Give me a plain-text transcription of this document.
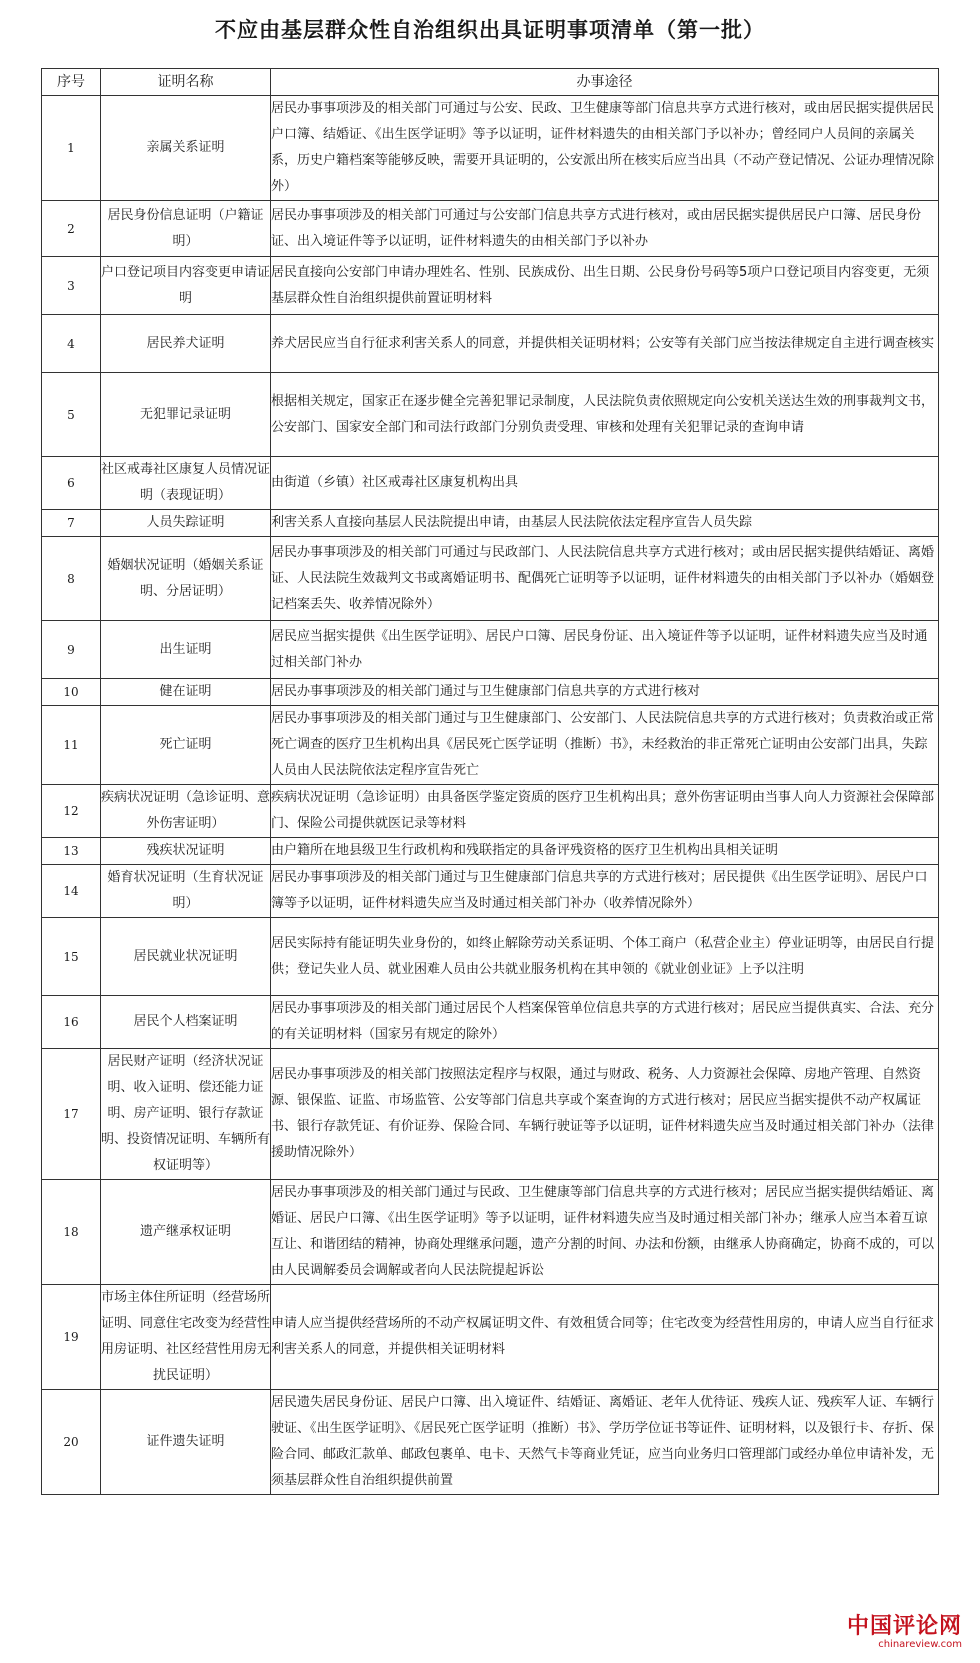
不应由基层群众性自治组织出具证明事项清单（第一批）
序号	证明名称	办事途径
1	亲属关系证明	居民办事事项涉及的相关部门可通过与公安、民政、卫生健康等部门信息共享方式进行核对，或由居民据实提供居民户口簿、结婚证、《出生医学证明》等予以证明，证件材料遗失的由相关部门予以补办；曾经同户人员间的亲属关系，历史户籍档案等能够反映，需要开具证明的，公安派出所在核实后应当出具（不动产登记情况、公证办理情况除外）
2	居民身份信息证明（户籍证明）	居民办事事项涉及的相关部门可通过与公安部门信息共享方式进行核对，或由居民据实提供居民户口簿、居民身份证、出入境证件等予以证明，证件材料遗失的由相关部门予以补办
3	户口登记项目内容变更申请证明	居民直接向公安部门申请办理姓名、性别、民族成份、出生日期、公民身份号码等5项户口登记项目内容变更，无须基层群众性自治组织提供前置证明材料
4	居民养犬证明	养犬居民应当自行征求利害关系人的同意，并提供相关证明材料；公安等有关部门应当按法律规定自主进行调查核实
5	无犯罪记录证明	根据相关规定，国家正在逐步健全完善犯罪记录制度，人民法院负责依照规定向公安机关送达生效的刑事裁判文书，公安部门、国家安全部门和司法行政部门分别负责受理、审核和处理有关犯罪记录的查询申请
6	社区戒毒社区康复人员情况证明（表现证明）	由街道（乡镇）社区戒毒社区康复机构出具
7	人员失踪证明	利害关系人直接向基层人民法院提出申请，由基层人民法院依法定程序宣告人员失踪
8	婚姻状况证明（婚姻关系证明、分居证明）	居民办事事项涉及的相关部门可通过与民政部门、人民法院信息共享方式进行核对；或由居民据实提供结婚证、离婚证、人民法院生效裁判文书或离婚证明书、配偶死亡证明等予以证明，证件材料遗失的由相关部门予以补办（婚姻登记档案丢失、收养情况除外）
9	出生证明	居民应当据实提供《出生医学证明》、居民户口簿、居民身份证、出入境证件等予以证明，证件材料遗失应当及时通过相关部门补办
10	健在证明	居民办事事项涉及的相关部门通过与卫生健康部门信息共享的方式进行核对
11	死亡证明	居民办事事项涉及的相关部门通过与卫生健康部门、公安部门、人民法院信息共享的方式进行核对；负责救治或正常死亡调查的医疗卫生机构出具《居民死亡医学证明（推断）书》，未经救治的非正常死亡证明由公安部门出具，失踪人员由人民法院依法定程序宣告死亡
12	疾病状况证明（急诊证明、意外伤害证明）	疾病状况证明（急诊证明）由具备医学鉴定资质的医疗卫生机构出具；意外伤害证明由当事人向人力资源社会保障部门、保险公司提供就医记录等材料
13	残疾状况证明	由户籍所在地县级卫生行政机构和残联指定的具备评残资格的医疗卫生机构出具相关证明
14	婚育状况证明（生育状况证明）	居民办事事项涉及的相关部门通过与卫生健康部门信息共享的方式进行核对；居民提供《出生医学证明》、居民户口簿等予以证明，证件材料遗失应当及时通过相关部门补办（收养情况除外）
15	居民就业状况证明	居民实际持有能证明失业身份的，如终止解除劳动关系证明、个体工商户（私营企业主）停业证明等，由居民自行提供；登记失业人员、就业困难人员由公共就业服务机构在其申领的《就业创业证》上予以注明
16	居民个人档案证明	居民办事事项涉及的相关部门通过居民个人档案保管单位信息共享的方式进行核对；居民应当提供真实、合法、充分的有关证明材料（国家另有规定的除外）
17	居民财产证明（经济状况证明、收入证明、偿还能力证明、房产证明、银行存款证明、投资情况证明、车辆所有权证明等）	居民办事事项涉及的相关部门按照法定程序与权限，通过与财政、税务、人力资源社会保障、房地产管理、自然资源、银保监、证监、市场监管、公安等部门信息共享或个案查询的方式进行核对；居民应当据实提供不动产权属证书、银行存款凭证、有价证券、保险合同、车辆行驶证等予以证明，证件材料遗失应当及时通过相关部门补办（法律援助情况除外）
18	遗产继承权证明	居民办事事项涉及的相关部门通过与民政、卫生健康等部门信息共享的方式进行核对；居民应当据实提供结婚证、离婚证、居民户口簿、《出生医学证明》等予以证明，证件材料遗失应当及时通过相关部门补办；继承人应当本着互谅互让、和谐团结的精神，协商处理继承问题，遗产分割的时间、办法和份额，由继承人协商确定，协商不成的，可以由人民调解委员会调解或者向人民法院提起诉讼
19	市场主体住所证明（经营场所证明、同意住宅改变为经营性用房证明、社区经营性用房无扰民证明）	申请人应当提供经营场所的不动产权属证明文件、有效租赁合同等；住宅改变为经营性用房的，申请人应当自行征求利害关系人的同意，并提供相关证明材料
20	证件遗失证明	居民遗失居民身份证、居民户口簿、出入境证件、结婚证、离婚证、老年人优待证、残疾人证、残疾军人证、车辆行驶证、《出生医学证明》、《居民死亡医学证明（推断）书》、学历学位证书等证件、证明材料，以及银行卡、存折、保险合同、邮政汇款单、邮政包裹单、电卡、天然气卡等商业凭证，应当向业务归口管理部门或经办单位申请补发，无须基层群众性自治组织提供前置
中国评论网
chinareview.com
